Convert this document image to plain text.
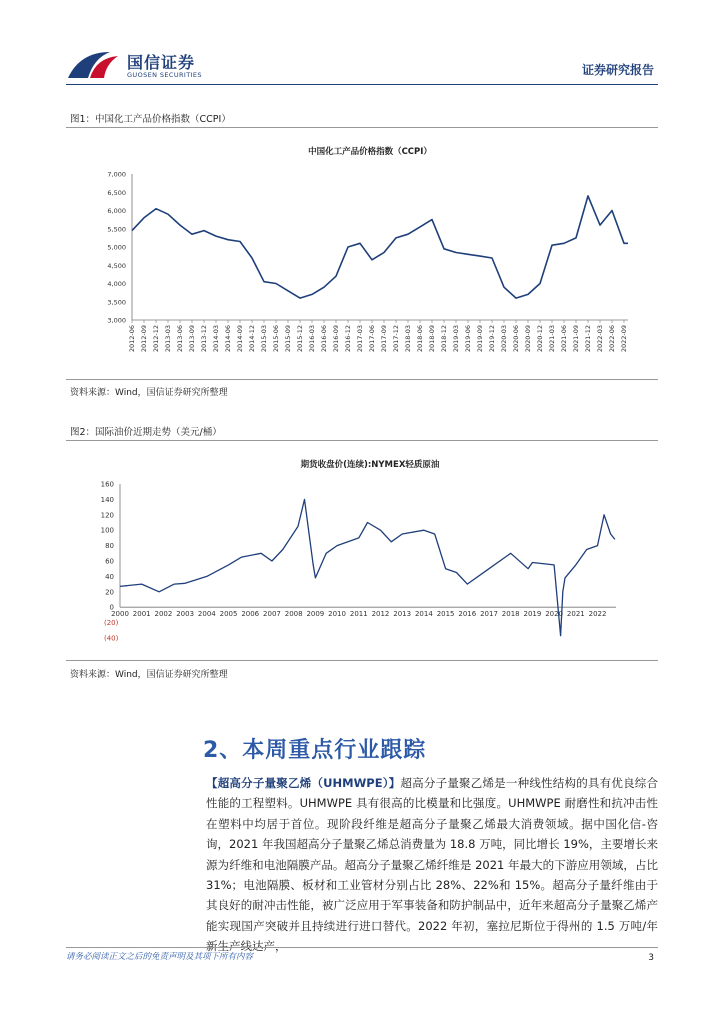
国信证券
GUOSEN SECURITIES	证券研究报告
图1：中国化工产品价格指数（CCPI）
中国化工产品价格指数（CCPI）
7,000
6,500
6,000
5,500
5,000
4,500
4,000
3,500
3,000
2012-06 2012-09 2012-12 2013-03 2013-06 2013-09 2013-12 2014-03 2014-06 2014-09 2014-12 2015-03 2015-06 2015-09 2015-12 2016-03 2016-06 2016-09 2016-12 2017-03 2017-06 2017-09 2017-12 2018-03 2018-06 2018-09 2018-12 2019-03 2019-06 2019-09 2019-12 2020-03 2020-06 2020-09 2020-12 2021-03 2021-06 2021-09 2021-12 2022-03 2022-06 2022-09
资料来源：Wind，国信证券研究所整理
图2：国际油价近期走势（美元/桶）
期货收盘价(连续):NYMEX轻质原油
160
140
120
100
80
60
40
20
0
(20)
(40)
2000 2001 2002 2003 2004 2005 2006 2007 2008 2009 2010 2011 2012 2013 2014 2015 2016 2017 2018 2019 2020 2021 2022
资料来源：Wind，国信证券研究所整理
2、本周重点行业跟踪
【超高分子量聚乙烯（UHMWPE）】超高分子量聚乙烯是一种线性结构的具有优良综合性能的工程塑料。UHMWPE 具有很高的比模量和比强度。UHMWPE 耐磨性和抗冲击性在塑料中均居于首位。现阶段纤维是超高分子量聚乙烯最大消费领域。据中国化信-咨询，2021 年我国超高分子量聚乙烯总消费量为 18.8 万吨，同比增长 19%，主要增长来源为纤维和电池隔膜产品。超高分子量聚乙烯纤维是 2021 年最大的下游应用领域，占比 31%；电池隔膜、板材和工业管材分别占比 28%、22%和 15%。超高分子量纤维由于其良好的耐冲击性能，被广泛应用于军事装备和防护制品中，近年来超高分子量聚乙烯产能实现国产突破并且持续进行进口替代。2022 年初，塞拉尼斯位于得州的 1.5 万吨/年新生产线达产，
请务必阅读正文之后的免责声明及其项下所有内容	3
